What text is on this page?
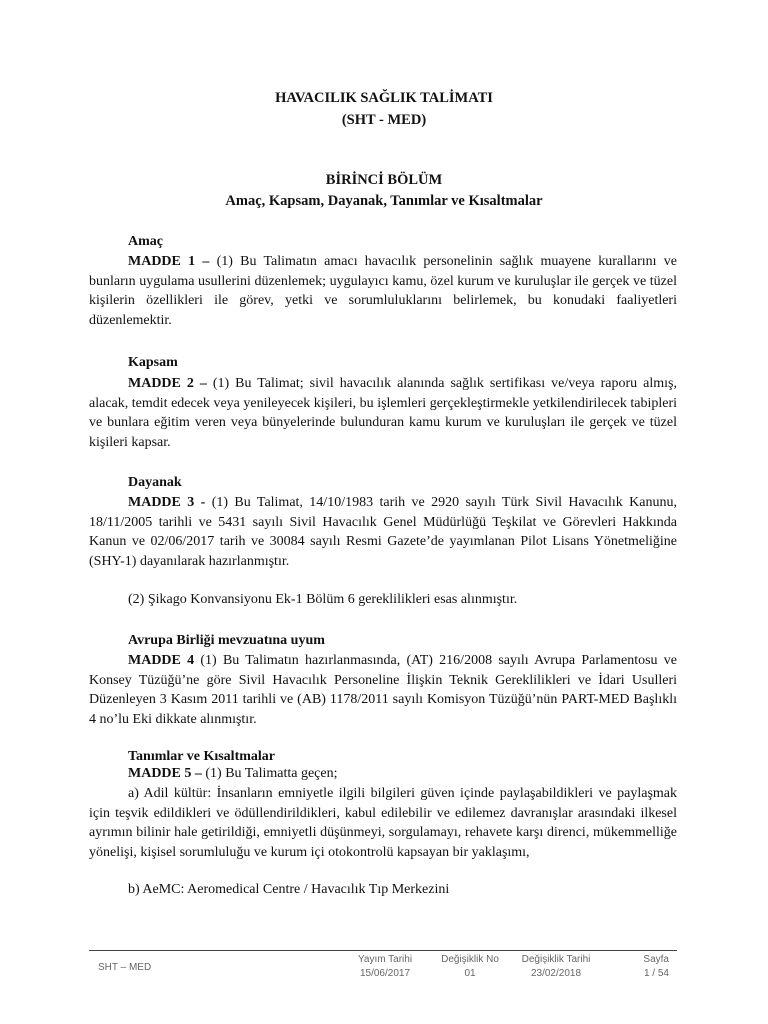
HAVACILIK SAĞLIK TALİMATI
(SHT - MED)
BİRİNCİ BÖLÜM
Amaç, Kapsam, Dayanak, Tanımlar ve Kısaltmalar
Amaç

MADDE 1 – (1) Bu Talimatın amacı havacılık personelinin sağlık muayene kurallarını ve bunların uygulama usullerini düzenlemek; uygulayıcı kamu, özel kurum ve kuruluşlar ile gerçek ve tüzel kişilerin özellikleri ile görev, yetki ve sorumluluklarını belirlemek, bu konudaki faaliyetleri düzenlemektir.

Kapsam

MADDE 2 – (1) Bu Talimat; sivil havacılık alanında sağlık sertifikası ve/veya raporu almış, alacak, temdit edecek veya yenileyecek kişileri, bu işlemleri gerçekleştirmekle yetkilendirilecek tabipleri ve bunlara eğitim veren veya bünyelerinde bulunduran kamu kurum ve kuruluşları ile gerçek ve tüzel kişileri kapsar.

Dayanak

MADDE 3 - (1) Bu Talimat, 14/10/1983 tarih ve 2920 sayılı Türk Sivil Havacılık Kanunu, 18/11/2005 tarihli ve 5431 sayılı Sivil Havacılık Genel Müdürlüğü Teşkilat ve Görevleri Hakkında Kanun ve 02/06/2017 tarih ve 30084 sayılı Resmi Gazete’de yayımlanan Pilot Lisans Yönetmeliğine (SHY-1) dayanılarak hazırlanmıştır.

(2) Şikago Konvansiyonu Ek-1 Bölüm 6 gereklilikleri esas alınmıştır.
Avrupa Birliği mevzuatına uyum

MADDE 4 (1) Bu Talimatın hazırlanmasında, (AT) 216/2008 sayılı Avrupa Parlamentosu ve Konsey Tüzüğü’ne göre Sivil Havacılık Personeline İlişkin Teknik Gereklilikleri ve İdari Usulleri Düzenleyen 3 Kasım 2011 tarihli ve (AB) 1178/2011 sayılı Komisyon Tüzüğü’nün PART-MED Başlıklı 4 no’lu Eki dikkate alınmıştır.

Tanımlar ve Kısaltmalar

MADDE 5 – (1) Bu Talimatta geçen;

a) Adil kültür: İnsanların emniyetle ilgili bilgileri güven içinde paylaşabildikleri ve paylaşmak için teşvik edildikleri ve ödüllendirildikleri, kabul edilebilir ve edilemez davranışlar arasındaki ilkesel ayrımın bilinir hale getirildiği, emniyetli düşünmeyi, sorgulamayı, rehavete karşı direnci, mükemmelliğe yönelişi, kişisel sorumluluğu ve kurum içi otokontrolü kapsayan bir yaklaşımı,

b) AeMC: Aeromedical Centre / Havacılık Tıp Merkezini
SHT – MED
Yayım Tarihi
15/06/2017
Değişiklik No
01
Değişiklik Tarihi
23/02/2018
Sayfa
1 / 54
